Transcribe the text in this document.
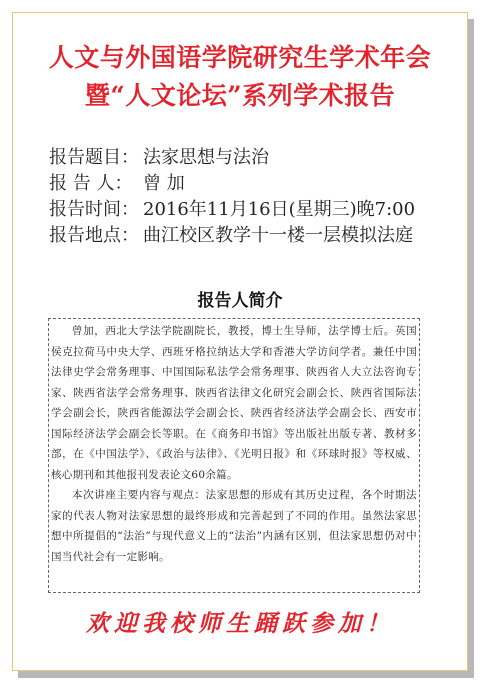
人文与外国语学院研究生学术年会
暨“人文论坛”系列学术报告
报告题目： 法家思想与法治
报 告 人： 曾 加
报告时间： 2016年11月16日(星期三)晚7:00
报告地点： 曲江校区教学十一楼一层模拟法庭
报告人简介

曾加，西北大学法学院副院长，教授，博士生导师，法学博士后。英国侯克拉荷马中央大学、西班牙格拉纳达大学和香港大学访问学者。兼任中国法律史学会常务理事、中国国际私法学会常务理事、陕西省人大立法咨询专家、陕西省法学会常务理事、陕西省法律文化研究会副会长、陕西省国际法学会副会长，陕西省能源法学会副会长、陕西省经济法学会副会长、西安市国际经济法学会副会长等职。在《商务印书馆》等出版社出版专著、教材多部，在《中国法学》、《政治与法律》、《光明日报》和《环球时报》等权威、核心期刊和其他报刊发表论文60余篇。

本次讲座主要内容与观点：法家思想的形成有其历史过程，各个时期法家的代表人物对法家思想的最终形成和完善起到了不同的作用。虽然法家思想中所提倡的“法治”与现代意义上的“法治”内涵有区别，但法家思想仍对中国当代社会有一定影响。

欢迎我校师生踊跃参加！
